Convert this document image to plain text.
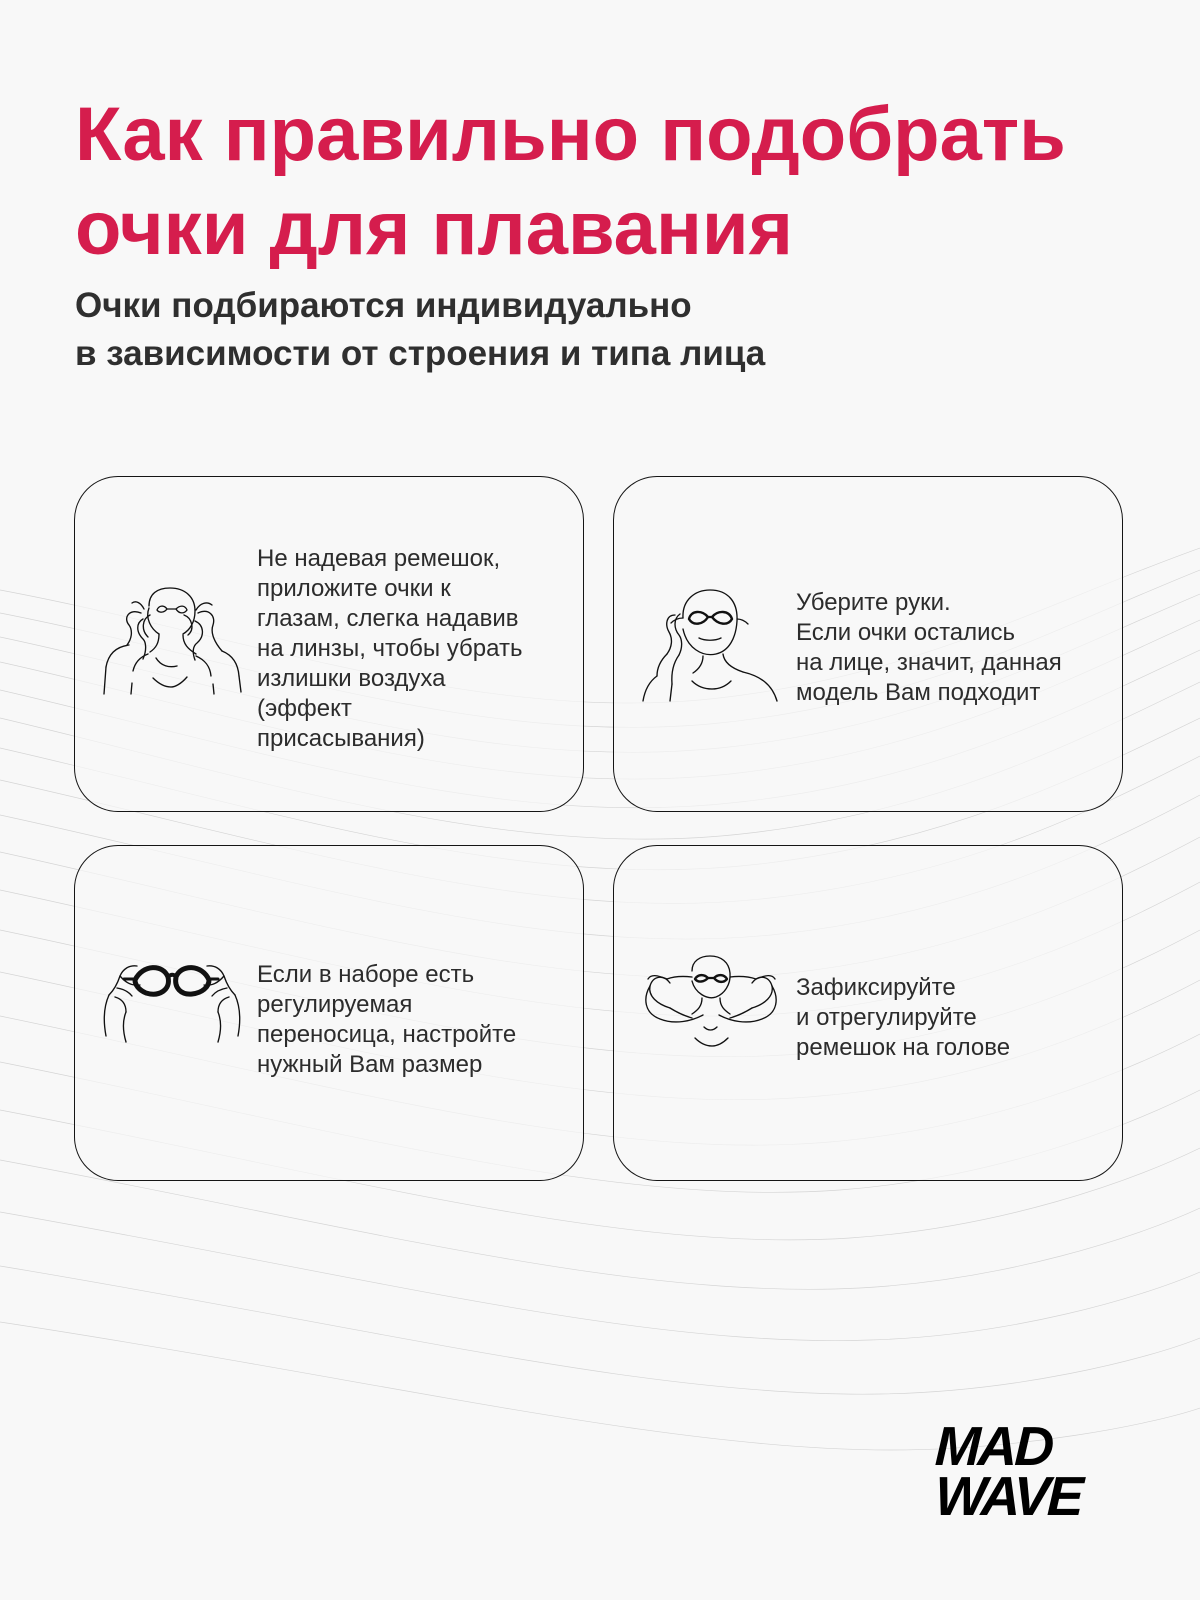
Как правильно подобрать очки для плавания

Очки подбираются индивидуально
в зависимости от строения и типа лица

Не надевая ремешок,
приложите очки к
глазам, слегка надавив
на линзы, чтобы убрать
излишки воздуха
(эффект
присасывания)

Уберите руки.
Если очки остались
на лице, значит, данная
модель Вам подходит

Если в наборе есть
регулируемая
переносица, настройте
нужный Вам размер

Зафиксируйте
и отрегулируйте
ремешок на голове

MAD
WAVE
